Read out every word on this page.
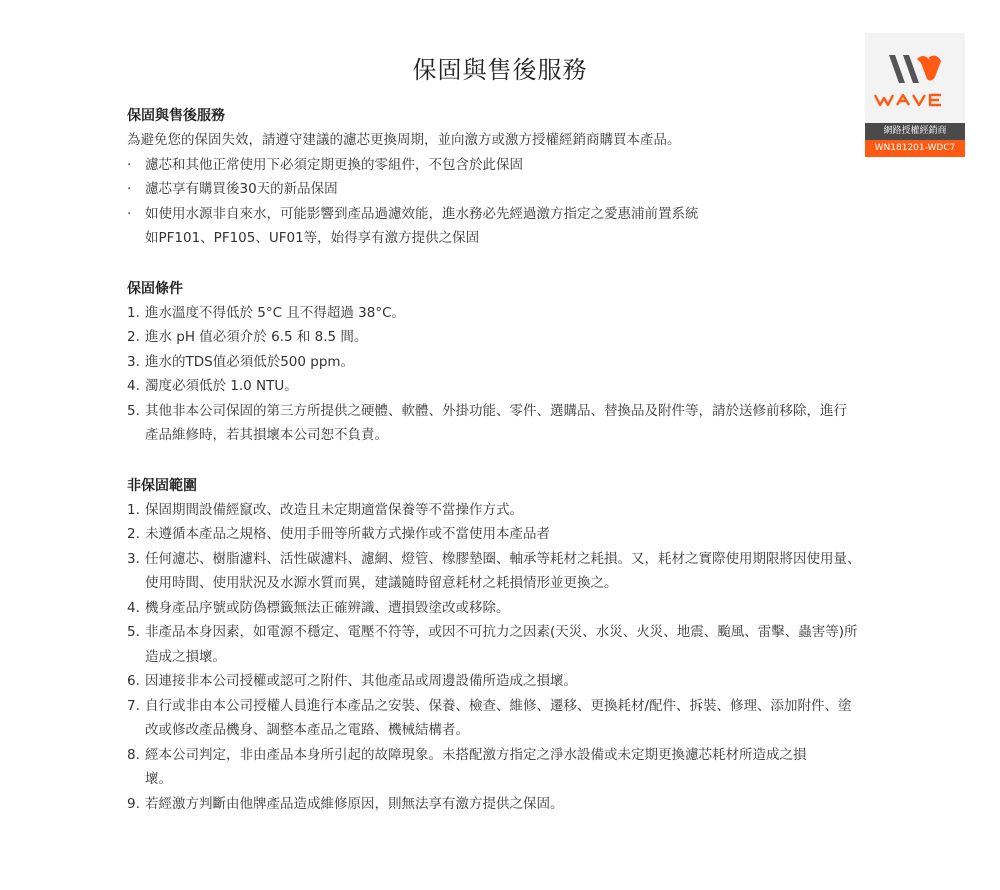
保固與售後服務
網路授權經銷商
WN181201-WDC7
保固與售後服務
為避免您的保固失效，請遵守建議的濾芯更換周期，並向激方或激方授權經銷商購買本產品。
·	濾芯和其他正常使用下必須定期更換的零組件，不包含於此保固
·	濾芯享有購買後30天的新品保固
·	如使用水源非自來水，可能影響到產品過濾效能，進水務必先經過激方指定之愛惠浦前置系統
如PF101、PF105、UF01等，始得享有激方提供之保固
保固條件
1. 進水溫度不得低於 5°C 且不得超過 38°C。
2. 進水 pH 值必須介於 6.5 和 8.5 間。
3. 進水的TDS值必須低於500 ppm。
4. 濁度必須低於 1.0 NTU。
5. 其他非本公司保固的第三方所提供之硬體、軟體、外掛功能、零件、選購品、替換品及附件等，請於送修前移除，進行
產品維修時，若其損壞本公司恕不負責。
非保固範圍
1. 保固期間設備經竄改、改造且未定期適當保養等不當操作方式。
2. 未遵循本產品之規格、使用手冊等所載方式操作或不當使用本產品者
3. 任何濾芯、樹脂濾料、活性碳濾料、濾網、燈管、橡膠墊圈、軸承等耗材之耗損。又，耗材之實際使用期限將因使用量、
使用時間、使用狀況及水源水質而異，建議隨時留意耗材之耗損情形並更換之。
4. 機身產品序號或防偽標籤無法正確辨識、遭損毀塗改或移除。
5. 非產品本身因素，如電源不穩定、電壓不符等，或因不可抗力之因素(天災、水災、火災、地震、颱風、雷擊、蟲害等)所
造成之損壞。
6. 因連接非本公司授權或認可之附件、其他產品或周邊設備所造成之損壞。
7. 自行或非由本公司授權人員進行本產品之安裝、保養、檢查、維修、遷移、更換耗材/配件、拆裝、修理、添加附件、塗
改或修改產品機身、調整本產品之電路、機械結構者。
8. 經本公司判定，非由產品本身所引起的故障現象。未搭配激方指定之淨水設備或未定期更換濾芯耗材所造成之損
壞。
9. 若經激方判斷由他牌產品造成維修原因，則無法享有激方提供之保固。
